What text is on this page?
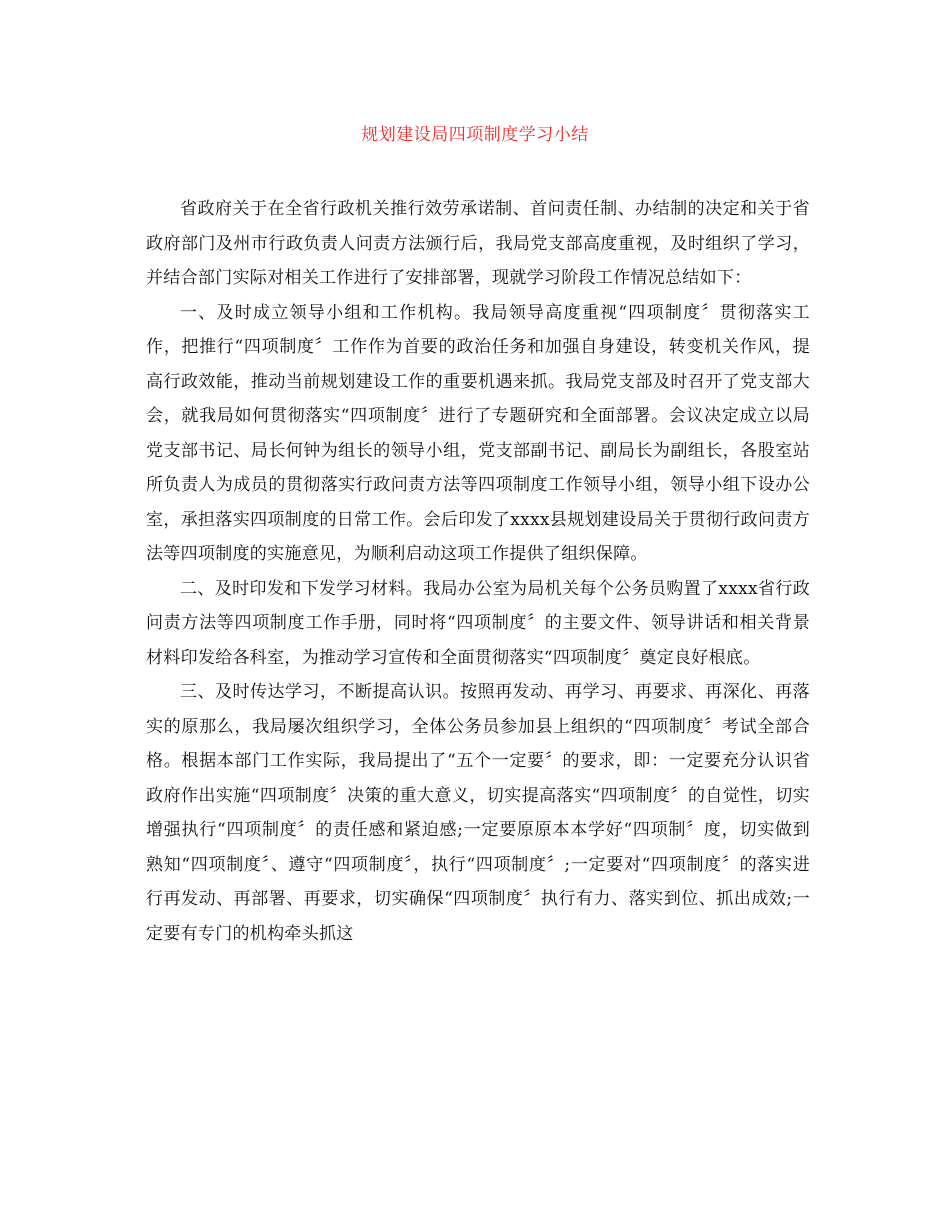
规划建设局四项制度学习小结

省政府关于在全省行政机关推行效劳承诺制、首问责任制、办结制的决定和关于省政府部门及州市行政负责人问责方法颁行后，我局党支部高度重视，及时组织了学习，并结合部门实际对相关工作进行了安排部署，现就学习阶段工作情况总结如下：

一、及时成立领导小组和工作机构。我局领导高度重视“四项制度〞贯彻落实工作，把推行“四项制度〞工作作为首要的政治任务和加强自身建设，转变机关作风，提高行政效能，推动当前规划建设工作的重要机遇来抓。我局党支部及时召开了党支部大会，就我局如何贯彻落实“四项制度〞进行了专题研究和全面部署。会议决定成立以局党支部书记、局长何钟为组长的领导小组，党支部副书记、副局长为副组长，各股室站所负责人为成员的贯彻落实行政问责方法等四项制度工作领导小组，领导小组下设办公室，承担落实四项制度的日常工作。会后印发了xxxx县规划建设局关于贯彻行政问责方法等四项制度的实施意见，为顺利启动这项工作提供了组织保障。

二、及时印发和下发学习材料。我局办公室为局机关每个公务员购置了xxxx省行政问责方法等四项制度工作手册，同时将“四项制度〞的主要文件、领导讲话和相关背景材料印发给各科室，为推动学习宣传和全面贯彻落实“四项制度〞奠定良好根底。

三、及时传达学习，不断提高认识。按照再发动、再学习、再要求、再深化、再落实的原那么，我局屡次组织学习，全体公务员参加县上组织的“四项制度〞考试全部合格。根据本部门工作实际，我局提出了“五个一定要〞的要求，即：一定要充分认识省政府作出实施“四项制度〞决策的重大意义，切实提高落实“四项制度〞的自觉性，切实增强执行“四项制度〞的责任感和紧迫感;一定要原原本本学好“四项制〞度，切实做到熟知“四项制度〞、遵守“四项制度〞，执行“四项制度〞;一定要对“四项制度〞的落实进行再发动、再部署、再要求，切实确保“四项制度〞执行有力、落实到位、抓出成效;一定要有专门的机构牵头抓这
